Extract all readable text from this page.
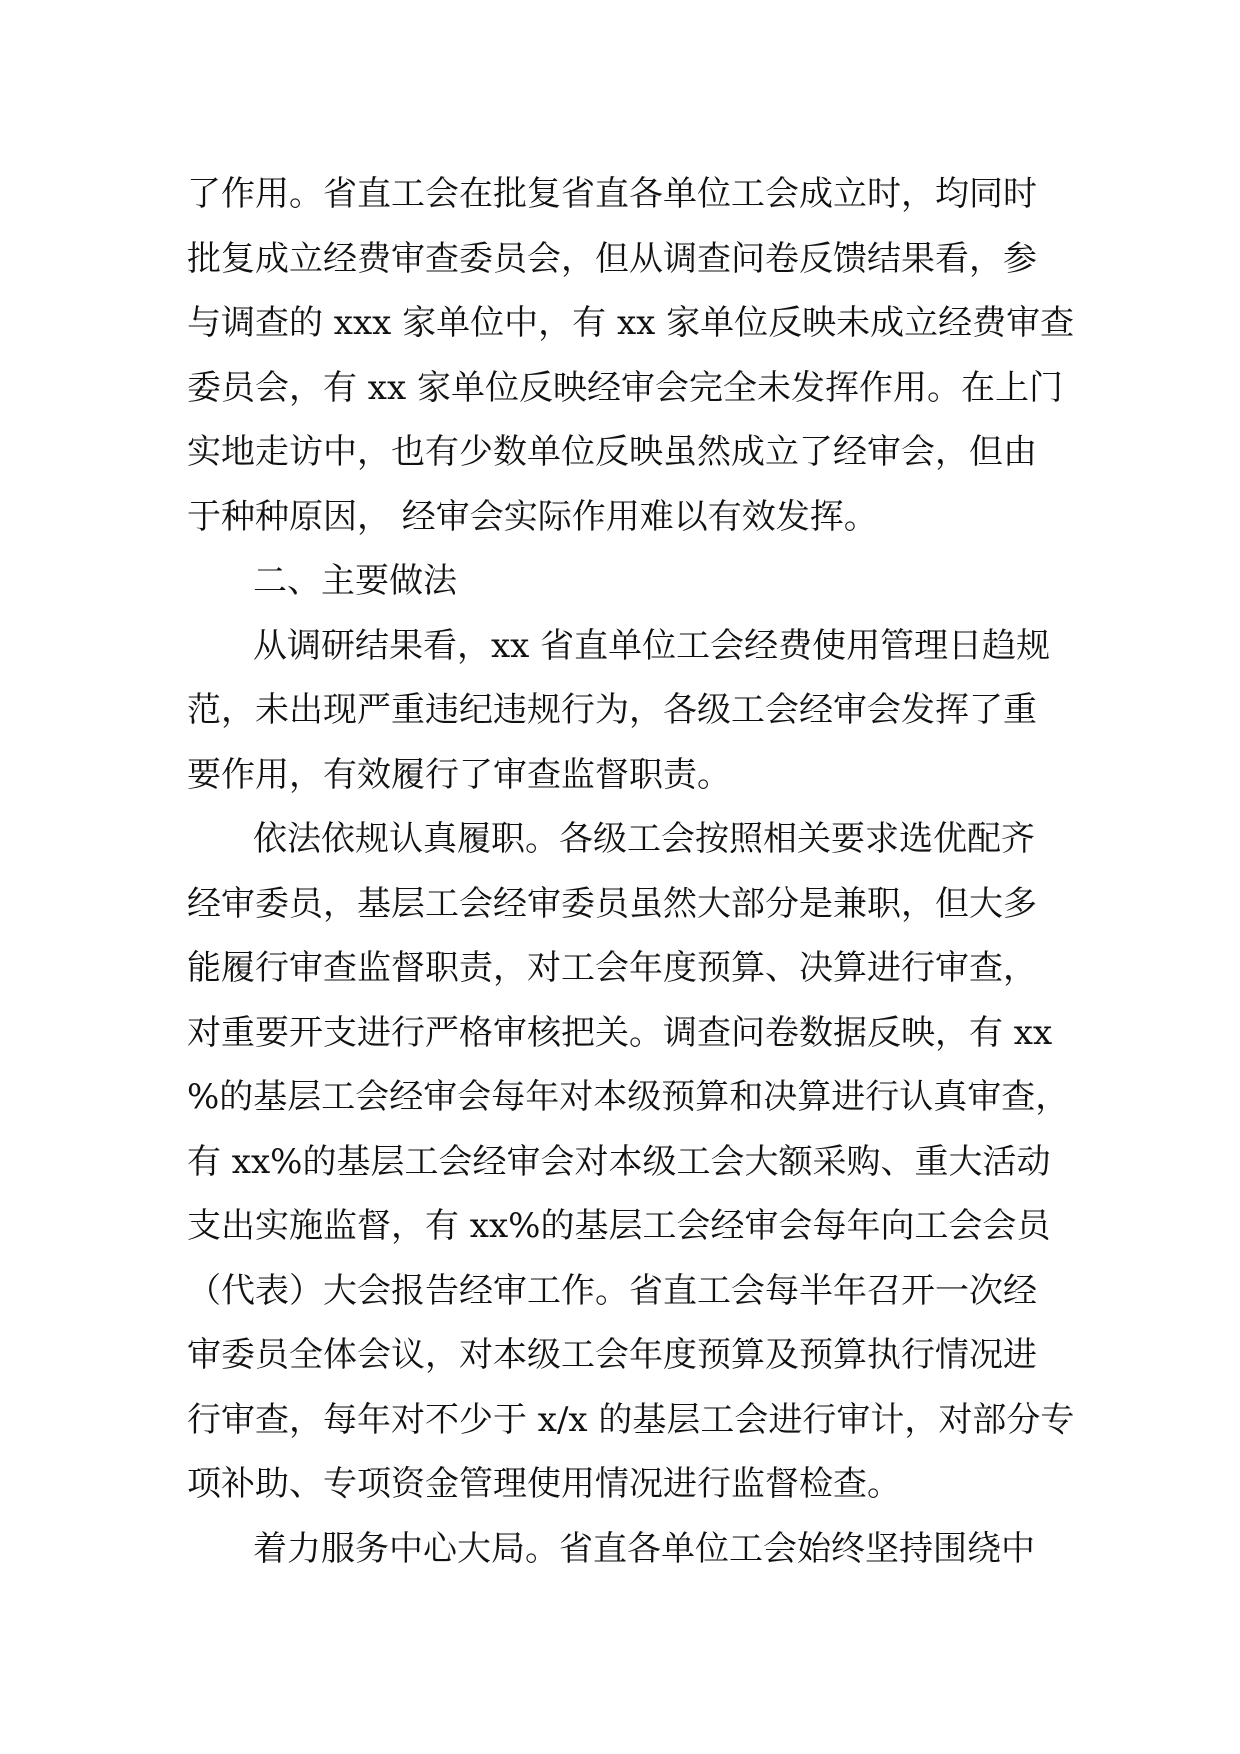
了作用。省直工会在批复省直各单位工会成立时，均同时
批复成立经费审查委员会，但从调查问卷反馈结果看，参
与调查的 xxx 家单位中，有 xx 家单位反映未成立经费审查
委员会，有 xx 家单位反映经审会完全未发挥作用。在上门
实地走访中，也有少数单位反映虽然成立了经审会，但由
于种种原因， 经审会实际作用难以有效发挥。
二、主要做法
从调研结果看，xx 省直单位工会经费使用管理日趋规
范，未出现严重违纪违规行为，各级工会经审会发挥了重
要作用，有效履行了审查监督职责。
依法依规认真履职。各级工会按照相关要求选优配齐
经审委员，基层工会经审委员虽然大部分是兼职，但大多
能履行审查监督职责，对工会年度预算、决算进行审查，
对重要开支进行严格审核把关。调查问卷数据反映，有 xx
%的基层工会经审会每年对本级预算和决算进行认真审查，
有 xx%的基层工会经审会对本级工会大额采购、重大活动
支出实施监督，有 xx%的基层工会经审会每年向工会会员
（代表）大会报告经审工作。省直工会每半年召开一次经
审委员全体会议，对本级工会年度预算及预算执行情况进
行审查，每年对不少于 x/x 的基层工会进行审计，对部分专
项补助、专项资金管理使用情况进行监督检查。
着力服务中心大局。省直各单位工会始终坚持围绕中
